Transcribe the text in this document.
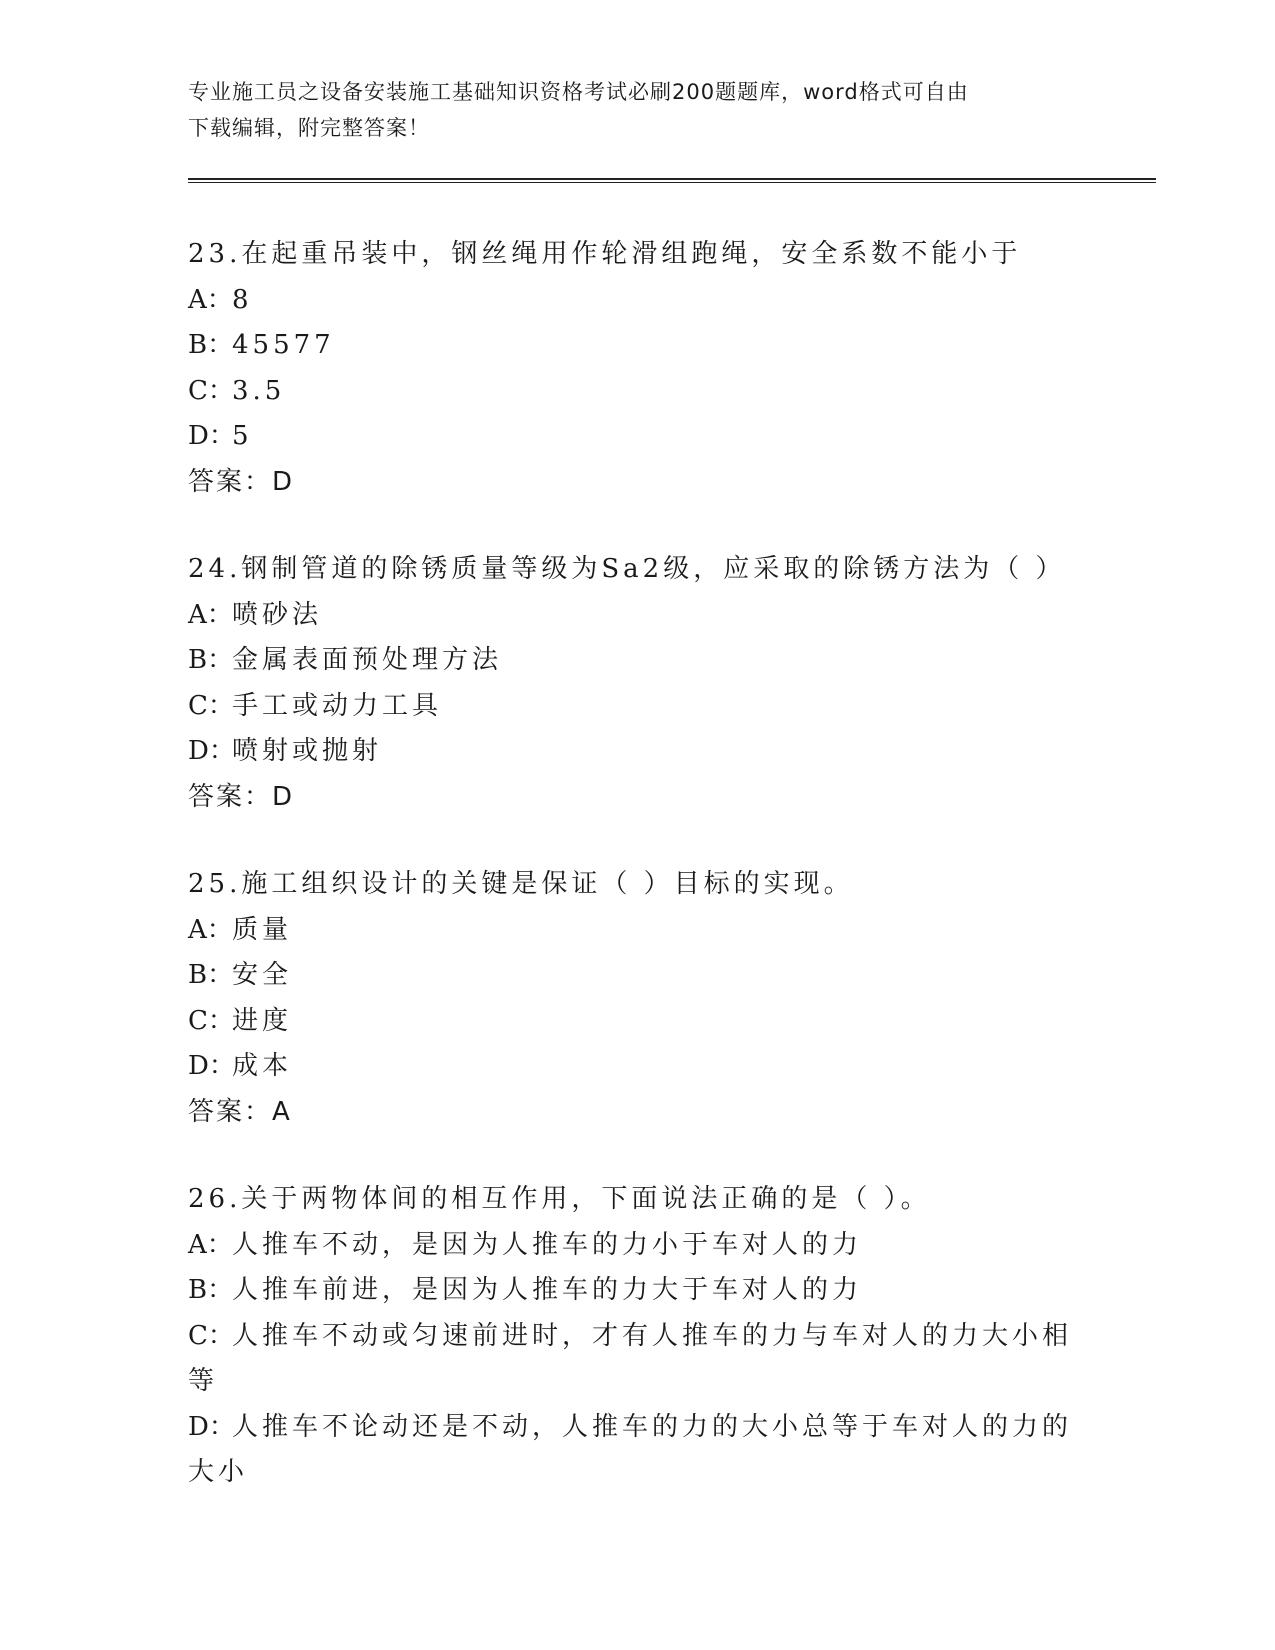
专业施工员之设备安装施工基础知识资格考试必刷200题题库，word格式可自由
下载编辑，附完整答案！
23.在起重吊装中，钢丝绳用作轮滑组跑绳，安全系数不能小于
A：8
B：45577
C：3.5
D：5
答案：D
24.钢制管道的除锈质量等级为Sa2级，应采取的除锈方法为（ ）
A：喷砂法
B：金属表面预处理方法
C：手工或动力工具
D：喷射或抛射
答案：D
25.施工组织设计的关键是保证（ ）目标的实现。
A：质量
B：安全
C：进度
D：成本
答案：A
26.关于两物体间的相互作用，下面说法正确的是（ ）。
A：人推车不动，是因为人推车的力小于车对人的力
B：人推车前进，是因为人推车的力大于车对人的力
C：人推车不动或匀速前进时，才有人推车的力与车对人的力大小相等
D：人推车不论动还是不动，人推车的力的大小总等于车对人的力的大小
